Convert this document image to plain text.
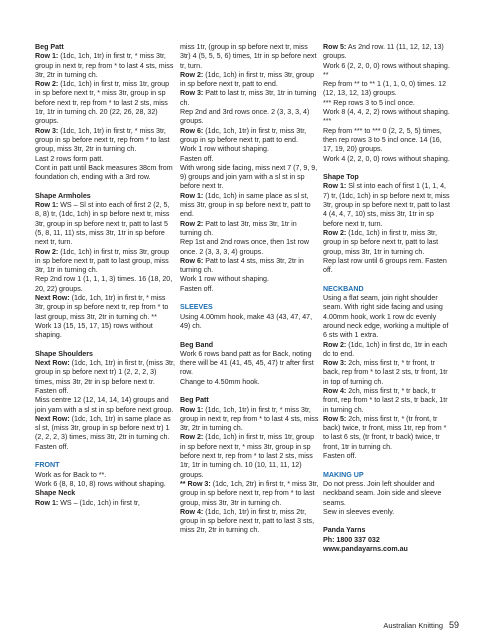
Beg Patt
Row 1: (1dc, 1ch, 1tr) in first tr, * miss 3tr, group in next tr, rep from * to last 4 sts, miss 3tr, 2tr in turning ch.
Row 2: (1dc, 1ch) in first tr, miss 1tr, group in sp before next tr, * miss 3tr, group in sp before next tr, rep from * to last 2 sts, miss 1tr, 1tr in turning ch. 20 (22, 26, 28, 32) groups.
Row 3: (1dc, 1ch, 1tr) in first tr, * miss 3tr, group in sp before next tr, rep from * to last group, miss 3tr, 2tr in turning ch.
Last 2 rows form patt.
Cont in patt until Back measures 38cm from foundation ch, ending with a 3rd row.
Shape Armholes
Row 1: WS – Sl st into each of first 2 (2, 5, 8, 8) tr, (1dc, 1ch) in sp before next tr, miss 3tr, group in sp before next tr, patt to last 5 (5, 8, 11, 11) sts, miss 3tr, 1tr in sp before next tr, turn.
Row 2: (1dc, 1ch) in first tr, miss 3tr, group in sp before next tr, patt to last group, miss 3tr, 1tr in turning ch.
Rep 2nd row 1 (1, 1, 1, 3) times. 16 (18, 20, 20, 22) groups.
Next Row: (1dc, 1ch, 1tr) in first tr, * miss 3tr, group in sp before next tr, rep from * to last group, miss 3tr, 2tr in turning ch. **
Work 13 (15, 15, 17, 15) rows without shaping.
Shape Shoulders
Next Row: (1dc, 1ch, 1tr) in first tr, (miss 3tr, group in sp before next tr) 1 (2, 2, 2, 3) times, miss 3tr, 2tr in sp before next tr.
Fasten off.
Miss centre 12 (12, 14, 14, 14) groups and join yarn with a sl st in sp before next group.
Next Row: (1dc, 1ch, 1tr) in same place as sl st, (miss 3tr, group in sp before next tr) 1 (2, 2, 2, 3) times, miss 3tr, 2tr in turning ch. Fasten off.
FRONT
Work as for Back to **.
Work 6 (8, 8, 10, 8) rows without shaping.
Shape Neck
Row 1: WS – (1dc, 1ch) in first tr,
miss 1tr, (group in sp before next tr, miss 3tr) 4 (5, 5, 5, 6) times, 1tr in sp before next tr, turn.
Row 2: (1dc, 1ch) in first tr, miss 3tr, group in sp before next tr, patt to end.
Row 3: Patt to last tr, miss 3tr, 1tr in turning ch.
Rep 2nd and 3rd rows once. 2 (3, 3, 3, 4) groups.
Row 6: (1dc, 1ch, 1tr) in first tr, miss 3tr, group in sp before next tr, patt to end.
Work 1 row without shaping.
Fasten off.
With wrong side facing, miss next 7 (7, 9, 9, 9) groups and join yarn with a sl st in sp before next tr.
Row 1: (1dc, 1ch) in same place as sl st, miss 3tr, group in sp before next tr, patt to end.
Row 2: Patt to last 3tr, miss 3tr, 1tr in turning ch.
Rep 1st and 2nd rows once, then 1st row once. 2 (3, 3, 3, 4) groups.
Row 6: Patt to last 4 sts, miss 3tr, 2tr in turning ch.
Work 1 row without shaping.
Fasten off.
SLEEVES
Using 4.00mm hook, make 43 (43, 47, 47, 49) ch.
Beg Band
Work 6 rows band patt as for Back, noting there will be 41 (41, 45, 45, 47) tr after first row.
Change to 4.50mm hook.
Beg Patt
Row 1: (1dc, 1ch, 1tr) in first tr, * miss 3tr, group in next tr, rep from * to last 4 sts, miss 3tr, 2tr in turning ch.
Row 2: (1dc, 1ch) in first tr, miss 1tr, group in sp before next tr, * miss 3tr, group in sp before next tr, rep from * to last 2 sts, miss 1tr, 1tr in turning ch. 10 (10, 11, 11, 12) groups.
** Row 3: (1dc, 1ch, 2tr) in first tr, * miss 3tr, group in sp before next tr, rep from * to last group, miss 3tr, 3tr in turning ch.
Row 4: (1dc, 1ch, 1tr) in first tr, miss 2tr, group in sp before next tr, patt to last 3 sts, miss 2tr, 2tr in turning ch.
Row 5: As 2nd row. 11 (11, 12, 12, 13) groups.
Work 6 (2, 2, 0, 0) rows without shaping. **
Rep from ** to ** 1 (1, 1, 0, 0) times. 12 (12, 13, 12, 13) groups.
*** Rep rows 3 to 5 incl once.
Work 8 (4, 4, 2, 2) rows without shaping. ***
Rep from *** to *** 0 (2, 2, 5, 5) times, then rep rows 3 to 5 incl once. 14 (16, 17, 19, 20) groups.
Work 4 (2, 2, 0, 0) rows without shaping.
Shape Top
Row 1: Sl st into each of first 1 (1, 1, 4, 7) tr, (1dc, 1ch) in sp before next tr, miss 3tr, group in sp before next tr, patt to last 4 (4, 4, 7, 10) sts, miss 3tr, 1tr in sp before next tr, turn.
Row 2: (1dc, 1ch) in first tr, miss 3tr, group in sp before next tr, patt to last group, miss 3tr, 1tr in turning ch.
Rep last row until 6 groups rem. Fasten off.
NECKBAND
Using a flat seam, join right shoulder seam. With right side facing and using 4.00mm hook, work 1 row dc evenly around neck edge, working a multiple of 6 sts with 1 extra.
Row 2: (1dc, 1ch) in first dc, 1tr in each dc to end.
Row 3: 2ch, miss first tr, * tr front, tr back, rep from * to last 2 sts, tr front, 1tr in top of turning ch.
Row 4: 2ch, miss first tr, * tr back, tr front, rep from * to last 2 sts, tr back, 1tr in turning ch.
Row 5: 2ch, miss first tr, * (tr front, tr back) twice, tr front, miss 1tr, rep from * to last 6 sts, (tr front, tr back) twice, tr front, 1tr in turning ch.
Fasten off.
MAKING UP
Do not press. Join left shoulder and neckband seam. Join side and sleeve seams.
Sew in sleeves evenly.
Panda Yarns
Ph: 1800 337 032
www.pandayarns.com.au
Australian Knitting 59
